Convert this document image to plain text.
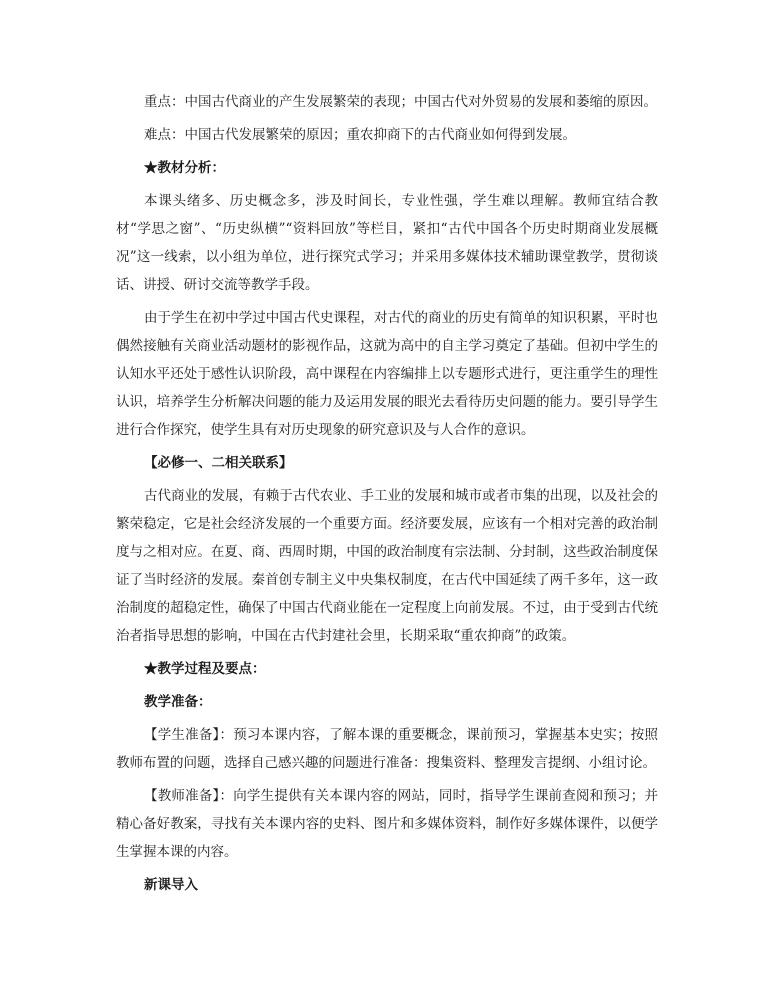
重点：中国古代商业的产生发展繁荣的表现；中国古代对外贸易的发展和萎缩的原因。

难点：中国古代发展繁荣的原因；重农抑商下的古代商业如何得到发展。

★教材分析：

本课头绪多、历史概念多，涉及时间长，专业性强，学生难以理解。教师宜结合教材“学思之窗”、“历史纵横”“资料回放”等栏目，紧扣“古代中国各个历史时期商业发展概况”这一线索，以小组为单位，进行探究式学习；并采用多媒体技术辅助课堂教学，贯彻谈话、讲授、研讨交流等教学手段。

由于学生在初中学过中国古代史课程，对古代的商业的历史有简单的知识积累，平时也偶然接触有关商业活动题材的影视作品，这就为高中的自主学习奠定了基础。但初中学生的认知水平还处于感性认识阶段，高中课程在内容编排上以专题形式进行，更注重学生的理性认识，培养学生分析解决问题的能力及运用发展的眼光去看待历史问题的能力。要引导学生进行合作探究，使学生具有对历史现象的研究意识及与人合作的意识。

【必修一、二相关联系】

古代商业的发展，有赖于古代农业、手工业的发展和城市或者市集的出现，以及社会的繁荣稳定，它是社会经济发展的一个重要方面。经济要发展，应该有一个相对完善的政治制度与之相对应。在夏、商、西周时期，中国的政治制度有宗法制、分封制，这些政治制度保证了当时经济的发展。秦首创专制主义中央集权制度，在古代中国延续了两千多年，这一政治制度的超稳定性，确保了中国古代商业能在一定程度上向前发展。不过，由于受到古代统治者指导思想的影响，中国在古代封建社会里，长期采取“重农抑商”的政策。

★教学过程及要点：

教学准备：

【学生准备】：预习本课内容，了解本课的重要概念，课前预习，掌握基本史实；按照教师布置的问题，选择自己感兴趣的问题进行准备：搜集资料、整理发言提纲、小组讨论。

【教师准备】：向学生提供有关本课内容的网站，同时，指导学生课前查阅和预习；并精心备好教案，寻找有关本课内容的史料、图片和多媒体资料，制作好多媒体课件，以便学生掌握本课的内容。

新课导入
